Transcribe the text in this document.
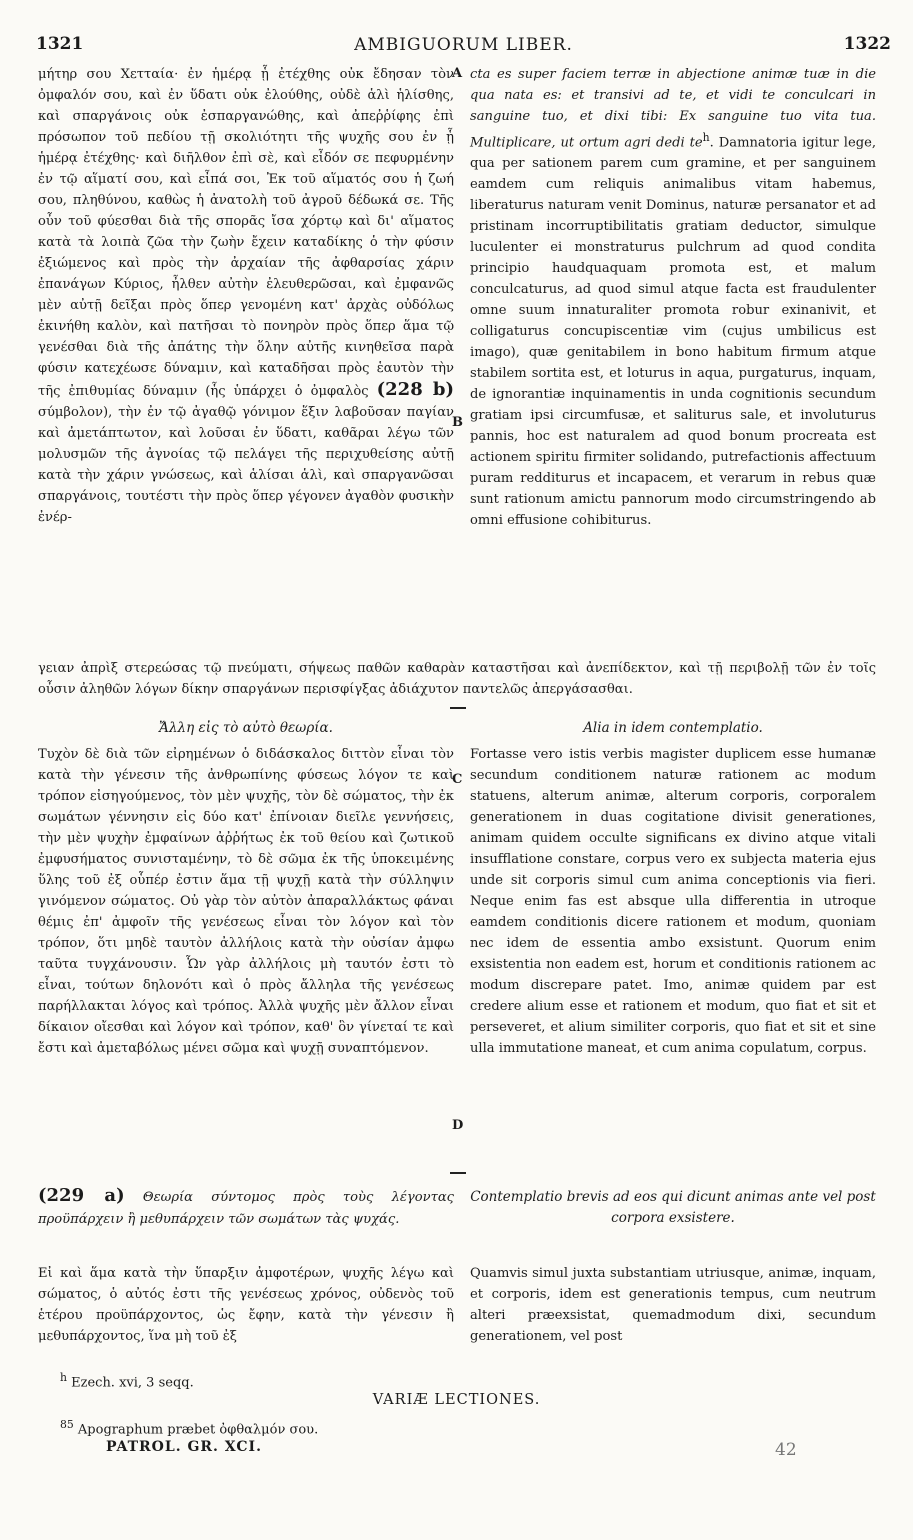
1321	AMBIGUORUM LIBER.	1322

μήτηρ σου Χετταία· ἐν ἡμέρᾳ ᾗ ἐτέχθης οὐκ ἔδησαν τὸν ὀμφαλόν σου, καὶ ἐν ὕδατι οὐκ ἐλούθης, οὐδὲ ἁλὶ ἡλίσθης, καὶ σπαργάνοις οὐκ ἐσπαργανώθης, καὶ ἀπεῤῥίφης ἐπὶ πρόσωπον τοῦ πεδίου τῇ σκολιότητι τῆς ψυχῆς σου ἐν ᾗ ἡμέρᾳ ἐτέχθης· καὶ διῆλθον ἐπὶ σὲ, καὶ εἶδόν σε πεφυρμένην ἐν τῷ αἵματί σου, καὶ εἶπά σοι, Ἐκ τοῦ αἵματός σου ἡ ζωή σου, πληθύνου, καθὼς ἡ ἀνατολὴ τοῦ ἀγροῦ δέδωκά σε. Τῆς οὖν τοῦ φύεσθαι διὰ τῆς σπορᾶς ἴσα χόρτῳ καὶ δι' αἵματος κατὰ τὰ λοιπὰ ζῶα τὴν ζωὴν ἔχειν καταδίκης ὁ τὴν φύσιν ἐξιώμενος καὶ πρὸς τὴν ἀρχαίαν τῆς ἀφθαρσίας χάριν ἐπανάγων Κύριος, ἦλθεν αὐτὴν ἐλευθερῶσαι, καὶ ἐμφανῶς μὲν αὐτῇ δεῖξαι πρὸς ὅπερ γενομένη κατ' ἀρχὰς οὐδόλως ἐκινήθη καλὸν, καὶ πατῆσαι τὸ πονηρὸν πρὸς ὅπερ ἅμα τῷ γενέσθαι διὰ τῆς ἀπάτης τὴν ὅλην αὐτῆς κινηθεῖσα παρὰ φύσιν κατεχέωσε δύναμιν, καὶ καταδῆσαι πρὸς ἑαυτὸν τὴν τῆς ἐπιθυμίας δύναμιν (ἧς ὑπάρχει ὁ ὀμφαλὸς (228 b) σύμβολον), τὴν ἐν τῷ ἀγαθῷ γόνιμον ἕξιν λαβοῦσαν παγίαν καὶ ἀμετάπτωτον, καὶ λοῦσαι ἐν ὕδατι, καθᾶραι λέγω τῶν μολυσμῶν τῆς ἀγνοίας τῷ πελάγει τῆς περιχυθείσης αὐτῇ κατὰ τὴν χάριν γνώσεως, καὶ ἁλίσαι ἁλὶ, καὶ σπαργανῶσαι σπαργάνοις, τουτέστι τὴν πρὸς ὅπερ γέγονεν ἀγαθὸν φυσικὴν ἐνέρ-

cta es super faciem terræ in abjectione animæ tuæ in die qua nata es: et transivi ad te, et vidi te conculcari in sanguine tuo, et dixi tibi: Ex sanguine tuo vita tua. Multiplicare, ut ortum agri dedi $te^h$. Damnatoria igitur lege, qua per sationem parem cum gramine, et per sanguinem eamdem cum reliquis animalibus vitam habemus, liberaturus naturam venit Dominus, naturæ persanator et ad pristinam incorruptibilitatis gratiam deductor, simulque luculenter ei monstraturus pulchrum ad quod condita principio haudquaquam promota est, et malum conculcaturus, ad quod simul atque facta est fraudulenter omne suum innaturaliter promota robur exinanivit, et colligaturus concupiscentiæ vim (cujus umbilicus est imago), quæ genitabilem in bono habitum firmum atque stabilem sortita est, et loturus in aqua, purgaturus, inquam, de ignorantiæ inquinamentis in unda cognitionis secundum gratiam ipsi circumfusæ, et saliturus sale, et involuturus pannis, hoc est naturalem ad quod bonum procreata est actionem spiritu firmiter solidando, putrefactionis affectuum puram redditurus et incapacem, et verarum in rebus quæ sunt rationum amictu pannorum modo circumstringendo ab omni effusione cohibiturus.

A
B

γειαν ἀπρὶξ στερεώσας τῷ πνεύματι, σήψεως παθῶν καθαρὰν καταστῆσαι καὶ ἀνεπίδεκτον, καὶ τῇ περιβολῇ τῶν ἐν τοῖς οὖσιν ἀληθῶν λόγων δίκην σπαργάνων περισφίγξας ἀδιάχυτον παντελῶς ἀπεργάσασθαι.

Ἄλλη εἰς τὸ αὐτὸ θεωρία.	Alia in idem contemplatio.

Τυχὸν δὲ διὰ τῶν εἰρημένων ὁ διδάσκαλος διττὸν εἶναι τὸν κατὰ τὴν γένεσιν τῆς ἀνθρωπίνης φύσεως λόγον τε καὶ τρόπον εἰσηγούμενος, τὸν μὲν ψυχῆς, τὸν δὲ σώματος, τὴν ἐκ σωμάτων γέννησιν εἰς δύο κατ' ἐπίνοιαν διεῖλε γεννήσεις, τὴν μὲν ψυχὴν ἐμφαίνων ἀῤῥήτως ἐκ τοῦ θείου καὶ ζωτικοῦ ἐμφυσήματος συνισταμένην, τὸ δὲ σῶμα ἐκ τῆς ὑποκειμένης ὕλης τοῦ ἐξ οὗπέρ ἐστιν ἅμα τῇ ψυχῇ κατὰ τὴν σύλληψιν γινόμενον σώματος. Οὐ γὰρ τὸν αὐτὸν ἀπαραλλάκτως φάναι θέμις ἐπ' ἀμφοῖν τῆς γενέσεως εἶναι τὸν λόγον καὶ τὸν τρόπον, ὅτι μηδὲ ταυτὸν ἀλλήλοις κατὰ τὴν οὐσίαν ἀμφω ταῦτα τυγχάνουσιν. Ὧν γὰρ ἀλλήλοις μὴ ταυτόν ἐστι τὸ εἶναι, τούτων δηλονότι καὶ ὁ πρὸς ἄλληλα τῆς γενέσεως παρήλλακται λόγος καὶ τρόπος. Ἀλλὰ ψυχῆς μὲν ἄλλον εἶναι δίκαιον οἴεσθαι καὶ λόγον καὶ τρόπον, καθ' ὃν γίνεταί τε καὶ ἔστι καὶ ἀμεταβόλως μένει σῶμα καὶ ψυχῇ συναπτόμενον.

Fortasse vero istis verbis magister duplicem esse humanæ secundum conditionem naturæ rationem ac modum statuens, alterum animæ, alterum corporis, corporalem generationem in duas cogitatione divisit generationes, animam quidem occulte significans ex divino atque vitali insufflatione constare, corpus vero ex subjecta materia ejus unde sit corporis simul cum anima conceptionis via fieri. Neque enim fas est absque ulla differentia in utroque eamdem conditionis dicere rationem et modum, quoniam nec idem de essentia ambo exsistunt. Quorum enim exsistentia non eadem est, horum et conditionis rationem ac modum discrepare patet. Imo, animæ quidem par est credere alium esse et rationem et modum, quo fiat et sit et perseveret, et alium similiter corporis, quo fiat et sit et sine ulla immutatione maneat, et cum anima copulatum, corpus.

C
D

(229 a) Θεωρία σύντομος πρὸς τοὺς λέγοντας προϋπάρχειν ἢ μεθυπάρχειν τῶν σωμάτων τὰς ψυχάς.

Contemplatio brevis ad eos qui dicunt animas ante vel post corpora exsistere.

Εἰ καὶ ἅμα κατὰ τὴν ὕπαρξιν ἀμφοτέρων, ψυχῆς λέγω καὶ σώματος, ὁ αὐτός ἐστι τῆς γενέσεως χρόνος, οὐδενὸς τοῦ ἑτέρου προϋπάρχοντος, ὡς ἔφην, κατὰ τὴν γένεσιν ἢ μεθυπάρχοντος, ἵνα μὴ τοῦ ἐξ

Quamvis simul juxta substantiam utriusque, animæ, inquam, et corporis, idem est generationis tempus, cum neutrum alteri præexsistat, quemadmodum dixi, secundum generationem, vel post

$^h$ Ezech. xvi, 3 seqq.
VARIÆ LECTIONES.
$^{85}$ Apographum præbet ὀφθαλμόν σου.
PATROL. GR. XCI.	42
